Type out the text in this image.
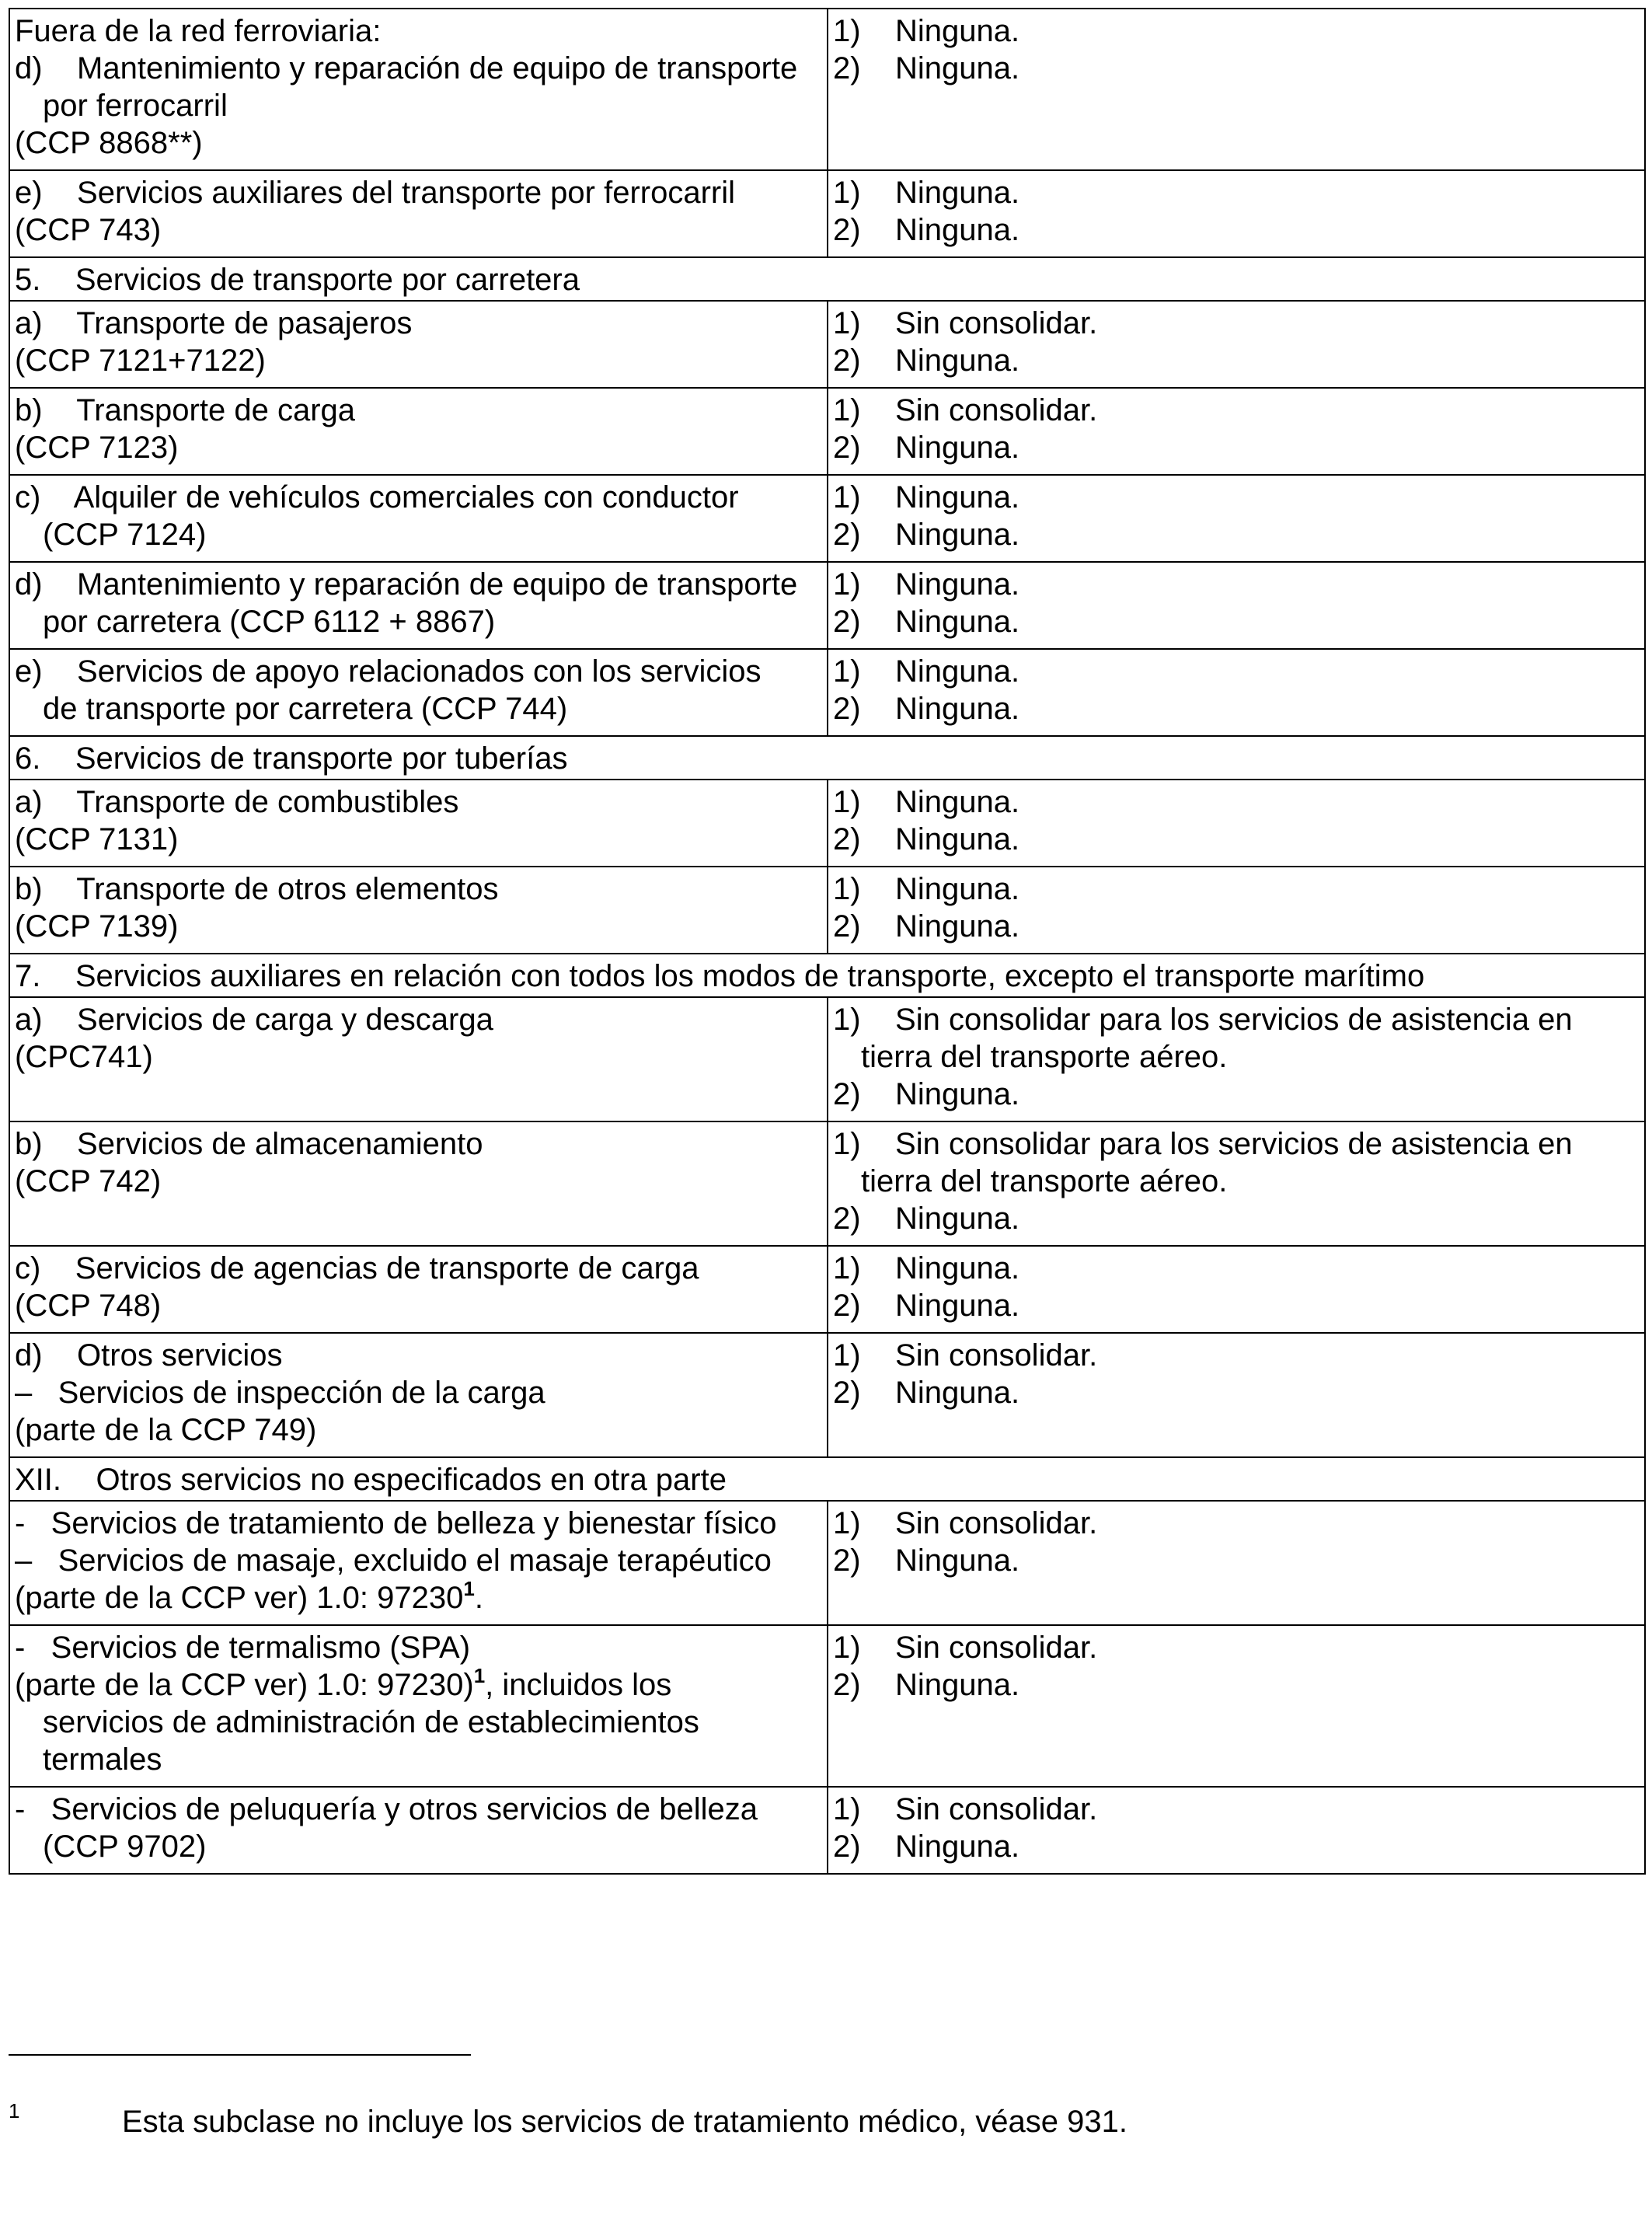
Fuera de la red ferroviaria:
d)    Mantenimiento y reparación de equipo de transporte
por ferrocarril
(CCP 8868**)	1)    Ninguna.
2)    Ninguna.

e)    Servicios auxiliares del transporte por ferrocarril
(CCP 743)	1)    Ninguna.
2)    Ninguna.

5.    Servicios de transporte por carretera	

a)    Transporte de pasajeros
(CCP 7121+7122)	1)    Sin consolidar.
2)    Ninguna.

b)    Transporte de carga
(CCP 7123)	1)    Sin consolidar.
2)    Ninguna.

c)    Alquiler de vehículos comerciales con conductor
(CCP 7124)	1)    Ninguna.
2)    Ninguna.

d)    Mantenimiento y reparación de equipo de transporte
por carretera (CCP 6112 + 8867)	1)    Ninguna.
2)    Ninguna.

e)    Servicios de apoyo relacionados con los servicios
de transporte por carretera (CCP 744)	1)    Ninguna.
2)    Ninguna.

6.    Servicios de transporte por tuberías	

a)    Transporte de combustibles
(CCP 7131)	1)    Ninguna.
2)    Ninguna.

b)    Transporte de otros elementos
(CCP 7139)	1)    Ninguna.
2)    Ninguna.

7.    Servicios auxiliares en relación con todos los modos de transporte, excepto el transporte marítimo	

a)    Servicios de carga y descarga
(CPC741)	1)    Sin consolidar para los servicios de asistencia en
tierra del transporte aéreo.
2)    Ninguna.

b)    Servicios de almacenamiento
(CCP 742)	1)    Sin consolidar para los servicios de asistencia en
tierra del transporte aéreo.
2)    Ninguna.

c)    Servicios de agencias de transporte de carga
(CCP 748)	1)    Ninguna.
2)    Ninguna.

d)    Otros servicios
–   Servicios de inspección de la carga
(parte de la CCP 749)	1)    Sin consolidar.
2)    Ninguna.

XII.    Otros servicios no especificados en otra parte	

-   Servicios de tratamiento de belleza y bienestar físico
–   Servicios de masaje, excluido el masaje terapéutico
(parte de la CCP ver) 1.0: 97230$^1$.	1)    Sin consolidar.
2)    Ninguna.

-   Servicios de termalismo (SPA)
(parte de la CCP ver) 1.0: 97230)$^1$, incluidos los
servicios de administración de establecimientos
termales	1)    Sin consolidar.
2)    Ninguna.

-   Servicios de peluquería y otros servicios de belleza
(CCP 9702)	1)    Sin consolidar.
2)    Ninguna.

1

	Esta subclase no incluye los servicios de tratamiento médico, véase 931.
